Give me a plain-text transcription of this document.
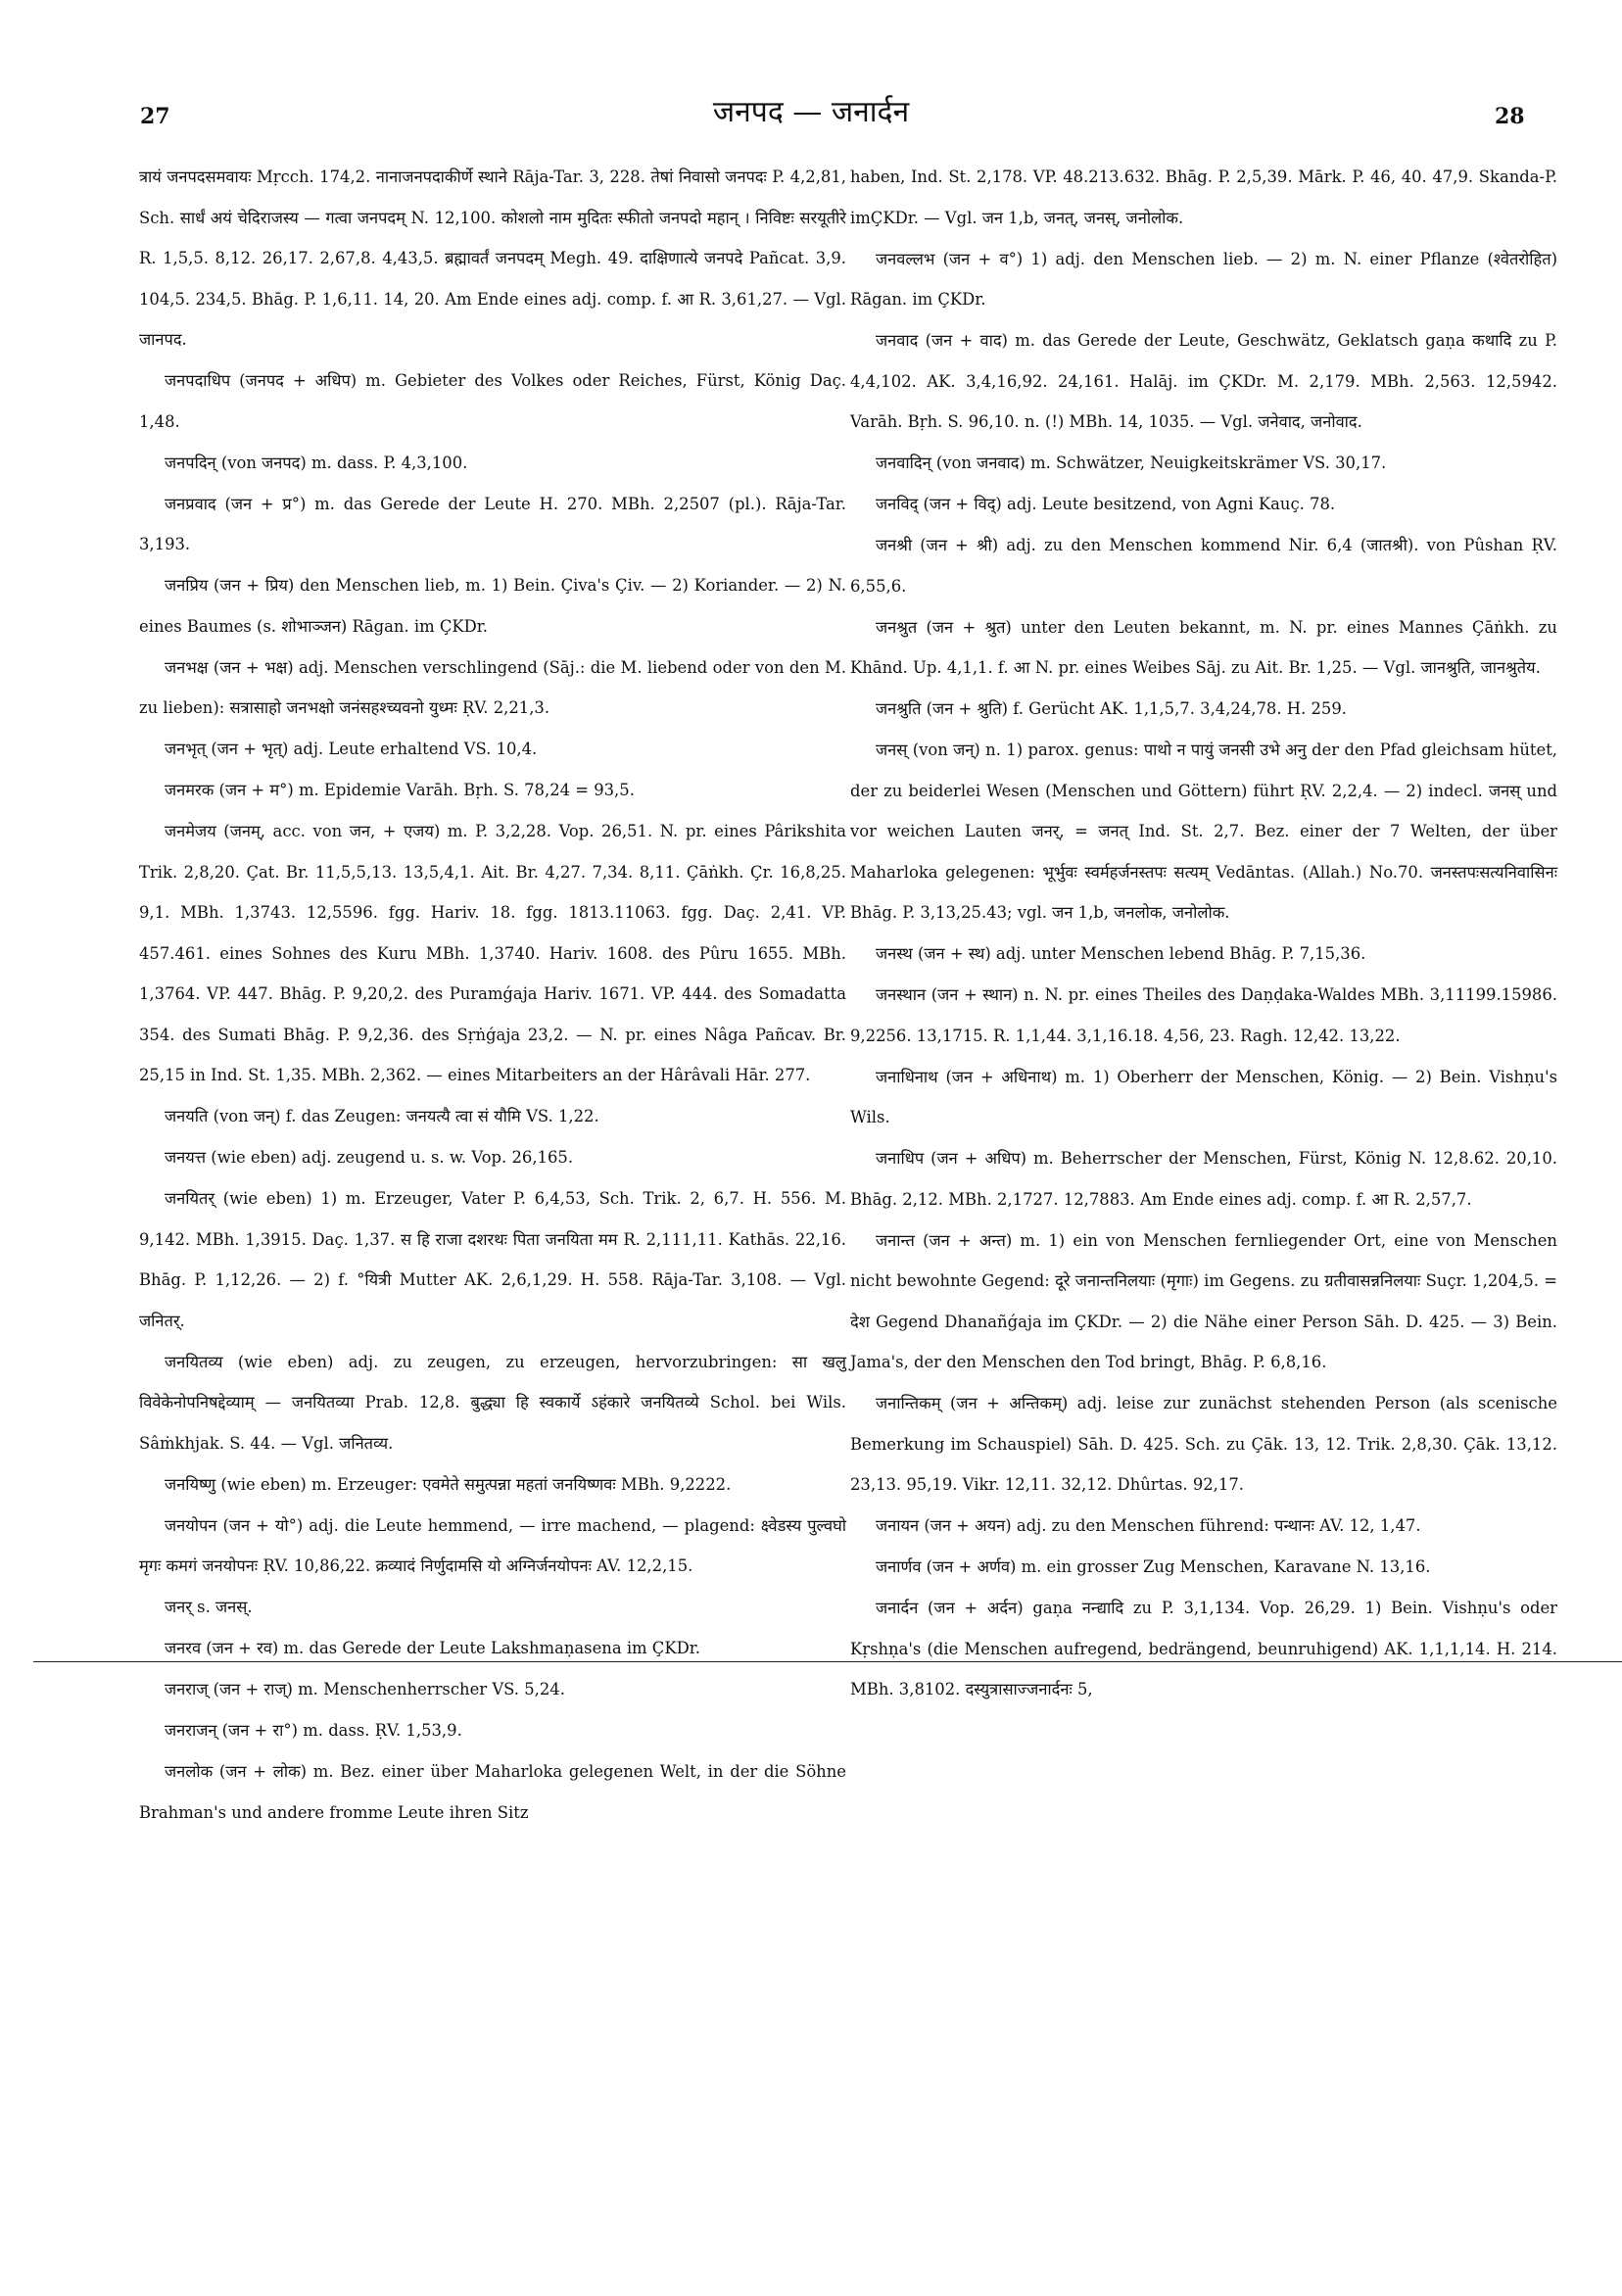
27	जनपद — जनार्दन	28

त्रायं जनपदसमवायः Mṛcch. 174,2. नानाजनपदाकीर्णे स्थाने Rāja-Tar. 3, 228. तेषां निवासो जनपदः P. 4,2,81, Sch. सार्धं अयं चेदिराजस्य — गत्वा जनपदम् N. 12,100. कोशलो नाम मुदितः स्फीतो जनपदो महान् । निविष्टः सरयूतीरे R. 1,5,5. 8,12. 26,17. 2,67,8. 4,43,5. ब्रह्मावर्तं जनपदम् Megh. 49. दाक्षिणात्ये जनपदे Pañcat. 3,9. 104,5. 234,5. Bhāg. P. 1,6,11. 14, 20. Am Ende eines adj. comp. f. आ R. 3,61,27. — Vgl. जानपद.

जनपदाधिप (जनपद + अधिप) m. Gebieter des Volkes oder Reiches, Fürst, König Daç. 1,48.

जनपदिन् (von जनपद) m. dass. P. 4,3,100.

जनप्रवाद (जन + प्र°) m. das Gerede der Leute H. 270. MBh. 2,2507 (pl.). Rāja-Tar. 3,193.

जनप्रिय (जन + प्रिय) den Menschen lieb, m. 1) Bein. Çiva's Çiv. — 2) Koriander. — 2) N. eines Baumes (s. शोभाञ्जन) Rāgan. im ÇKDr.

जनभक्ष (जन + भक्ष) adj. Menschen verschlingend (Sāj.: die M. liebend oder von den M. zu lieben): सत्रासाहो जनभक्षो जनंसहश्च्यवनो युध्मः ṚV. 2,21,3.

जनभृत् (जन + भृत्) adj. Leute erhaltend VS. 10,4.

जनमरक (जन + म°) m. Epidemie Varāh. Bṛh. S. 78,24 = 93,5.

जनमेजय (जनम्, acc. von जन, + एजय) m. P. 3,2,28. Vop. 26,51. N. pr. eines Pârikshita Trik. 2,8,20. Çat. Br. 11,5,5,13. 13,5,4,1. Ait. Br. 4,27. 7,34. 8,11. Çāṅkh. Çr. 16,8,25. 9,1. MBh. 1,3743. 12,5596. fgg. Hariv. 18. fgg. 1813.11063. fgg. Daç. 2,41. VP. 457.461. eines Sohnes des Kuru MBh. 1,3740. Hariv. 1608. des Pûru 1655. MBh. 1,3764. VP. 447. Bhāg. P. 9,20,2. des Puramǵaja Hariv. 1671. VP. 444. des Somadatta 354. des Sumati Bhāg. P. 9,2,36. des Sṛṅǵaja 23,2. — N. pr. eines Nâga Pañcav. Br. 25,15 in Ind. St. 1,35. MBh. 2,362. — eines Mitarbeiters an der Hârâvali Hār. 277.

जनयति (von जन्) f. das Zeugen: जनयत्यै त्वा सं यौमि VS. 1,22.

जनयत्त (wie eben) adj. zeugend u. s. w. Vop. 26,165.

जनयितर् (wie eben) 1) m. Erzeuger, Vater P. 6,4,53, Sch. Trik. 2, 6,7. H. 556. M. 9,142. MBh. 1,3915. Daç. 1,37. स हि राजा दशरथः पिता जनयिता मम R. 2,111,11. Kathās. 22,16. Bhāg. P. 1,12,26. — 2) f. °यित्री Mutter AK. 2,6,1,29. H. 558. Rāja-Tar. 3,108. — Vgl. जनितर्.

जनयितव्य (wie eben) adj. zu zeugen, zu erzeugen, hervorzubringen: सा खलु विवेकेनोपनिषद्देव्याम् — जनयितव्या Prab. 12,8. बुद्ध्या हि स्वकार्ये ऽहंकारे जनयितव्ये Schol. bei Wils. Sâṁkhjak. S. 44. — Vgl. जनितव्य.

जनयिष्णु (wie eben) m. Erzeuger: एवमेते समुत्पन्ना महतां जनयिष्णवः MBh. 9,2222.

जनयोपन (जन + यो°) adj. die Leute hemmend, — irre machend, — plagend: क्ष्वेडस्य पुल्वघो मृगः कमगं जनयोपनः ṚV. 10,86,22. क्रव्यादं निर्णुदामसि यो अग्निर्जनयोपनः AV. 12,2,15.

जनर् s. जनस्.

जनरव (जन + रव) m. das Gerede der Leute Lakshmaṇasena im ÇKDr.

जनराज् (जन + राज्) m. Menschenherrscher VS. 5,24.

जनराजन् (जन + रा°) m. dass. ṚV. 1,53,9.

जनलोक (जन + लोक) m. Bez. einer über Maharloka gelegenen Welt, in der die Söhne Brahman's und andere fromme Leute ihren Sitz

haben, Ind. St. 2,178. VP. 48.213.632. Bhāg. P. 2,5,39. Mārk. P. 46, 40. 47,9. Skanda-P. imÇKDr. — Vgl. जन 1,b, जनत्, जनस्, जनोलोक.

जनवल्लभ (जन + व°) 1) adj. den Menschen lieb. — 2) m. N. einer Pflanze (श्वेतरोहित) Rāgan. im ÇKDr.

जनवाद (जन + वाद) m. das Gerede der Leute, Geschwätz, Geklatsch gaṇa कथादि zu P. 4,4,102. AK. 3,4,16,92. 24,161. Halāj. im ÇKDr. M. 2,179. MBh. 2,563. 12,5942. Varāh. Bṛh. S. 96,10. n. (!) MBh. 14, 1035. — Vgl. जनेवाद, जनोवाद.

जनवादिन् (von जनवाद) m. Schwätzer, Neuigkeitskrämer VS. 30,17.

जनविद् (जन + विद्) adj. Leute besitzend, von Agni Kauç. 78.

जनश्री (जन + श्री) adj. zu den Menschen kommend Nir. 6,4 (जातश्री). von Pûshan ṚV. 6,55,6.

जनश्रुत (जन + श्रुत) unter den Leuten bekannt, m. N. pr. eines Mannes Çāṅkh. zu Khānd. Up. 4,1,1. f. आ N. pr. eines Weibes Sāj. zu Ait. Br. 1,25. — Vgl. जानश्रुति, जानश्रुतेय.

जनश्रुति (जन + श्रुति) f. Gerücht AK. 1,1,5,7. 3,4,24,78. H. 259.

जनस् (von जन्) n. 1) parox. genus: पाथो न पायुं जनसी उभे अनु der den Pfad gleichsam hütet, der zu beiderlei Wesen (Menschen und Göttern) führt ṚV. 2,2,4. — 2) indecl. जनस् und vor weichen Lauten जनर्, = जनत् Ind. St. 2,7. Bez. einer der 7 Welten, der über Maharloka gelegenen: भूर्भुवः स्वर्महर्जनस्तपः सत्यम् Vedāntas. (Allah.) No.70. जनस्तपःसत्यनिवासिनः Bhāg. P. 3,13,25.43; vgl. जन 1,b, जनलोक, जनोलोक.

जनस्थ (जन + स्थ) adj. unter Menschen lebend Bhāg. P. 7,15,36.

जनस्थान (जन + स्थान) n. N. pr. eines Theiles des Daṇḍaka-Waldes MBh. 3,11199.15986. 9,2256. 13,1715. R. 1,1,44. 3,1,16.18. 4,56, 23. Ragh. 12,42. 13,22.

जनाधिनाथ (जन + अधिनाथ) m. 1) Oberherr der Menschen, König. — 2) Bein. Vishṇu's Wils.

जनाधिप (जन + अधिप) m. Beherrscher der Menschen, Fürst, König N. 12,8.62. 20,10. Bhāg. 2,12. MBh. 2,1727. 12,7883. Am Ende eines adj. comp. f. आ R. 2,57,7.

जनान्त (जन + अन्त) m. 1) ein von Menschen fernliegender Ort, eine von Menschen nicht bewohnte Gegend: दूरे जनान्तनिलयाः (मृगाः) im Gegens. zu ग्रतीवासन्ननिलयाः Suçr. 1,204,5. = देश Gegend Dhanañǵaja im ÇKDr. — 2) die Nähe einer Person Sāh. D. 425. — 3) Bein. Jama's, der den Menschen den Tod bringt, Bhāg. P. 6,8,16.

जनान्तिकम् (जन + अन्तिकम्) adj. leise zur zunächst stehenden Person (als scenische Bemerkung im Schauspiel) Sāh. D. 425. Sch. zu Çāk. 13, 12. Trik. 2,8,30. Çāk. 13,12. 23,13. 95,19. Vikr. 12,11. 32,12. Dhûrtas. 92,17.

जनायन (जन + अयन) adj. zu den Menschen führend: पन्थानः AV. 12, 1,47.

जनार्णव (जन + अर्णव) m. ein grosser Zug Menschen, Karavane N. 13,16.

जनार्दन (जन + अर्दन) gaṇa नन्द्यादि zu P. 3,1,134. Vop. 26,29. 1) Bein. Vishṇu's oder Kṛshṇa's (die Menschen aufregend, bedrängend, beunruhigend) AK. 1,1,1,14. H. 214. MBh. 3,8102. दस्युत्रासाज्जनार्दनः 5,
